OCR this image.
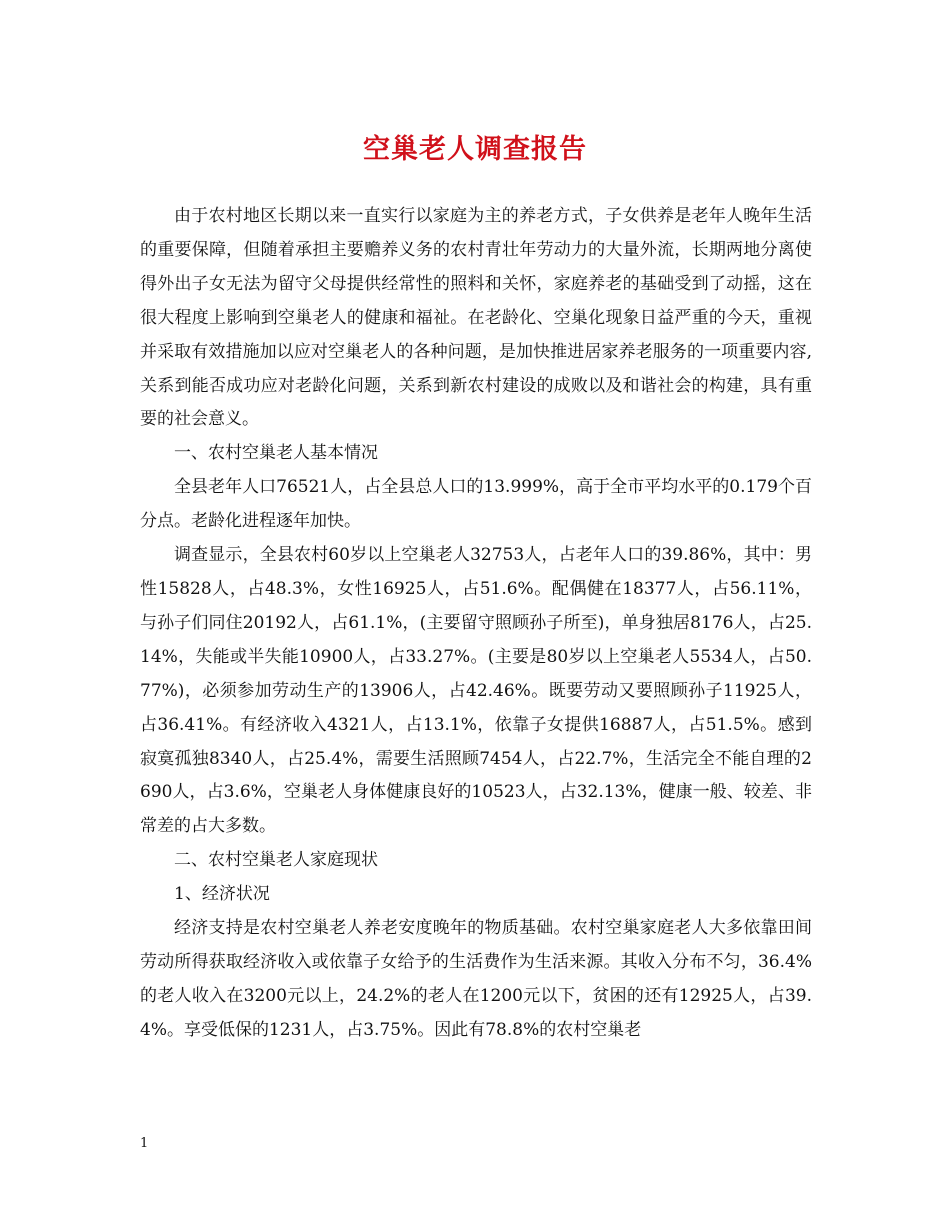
空巢老人调查报告

由于农村地区长期以来一直实行以家庭为主的养老方式，子女供养是老年人晚年生活的重要保障，但随着承担主要赡养义务的农村青壮年劳动力的大量外流，长期两地分离使得外出子女无法为留守父母提供经常性的照料和关怀，家庭养老的基础受到了动摇，这在很大程度上影响到空巢老人的健康和福祉。在老龄化、空巢化现象日益严重的今天，重视并采取有效措施加以应对空巢老人的各种问题，是加快推进居家养老服务的一项重要内容,关系到能否成功应对老龄化问题，关系到新农村建设的成败以及和谐社会的构建，具有重要的社会意义。

一、农村空巢老人基本情况

全县老年人口76521人，占全县总人口的13.999%，高于全市平均水平的0.179个百分点。老龄化进程逐年加快。

调查显示，全县农村60岁以上空巢老人32753人，占老年人口的39.86%，其中：男性15828人，占48.3%，女性16925人，占51.6%。配偶健在18377人，占56.11%，与孙子们同住20192人，占61.1%，(主要留守照顾孙子所至)，单身独居8176人，占25.14%，失能或半失能10900人，占33.27%。(主要是80岁以上空巢老人5534人，占50.77%)，必须参加劳动生产的13906人，占42.46%。既要劳动又要照顾孙子11925人，占36.41%。有经济收入4321人，占13.1%，依靠子女提供16887人，占51.5%。感到寂寞孤独8340人，占25.4%，需要生活照顾7454人，占22.7%，生活完全不能自理的2690人，占3.6%，空巢老人身体健康良好的10523人，占32.13%，健康一般、较差、非常差的占大多数。

二、农村空巢老人家庭现状

1、经济状况

经济支持是农村空巢老人养老安度晚年的物质基础。农村空巢家庭老人大多依靠田间劳动所得获取经济收入或依靠子女给予的生活费作为生活来源。其收入分布不匀，36.4%的老人收入在3200元以上，24.2%的老人在1200元以下，贫困的还有12925人，占39.4%。享受低保的1231人，占3.75%。因此有78.8%的农村空巢老

1
